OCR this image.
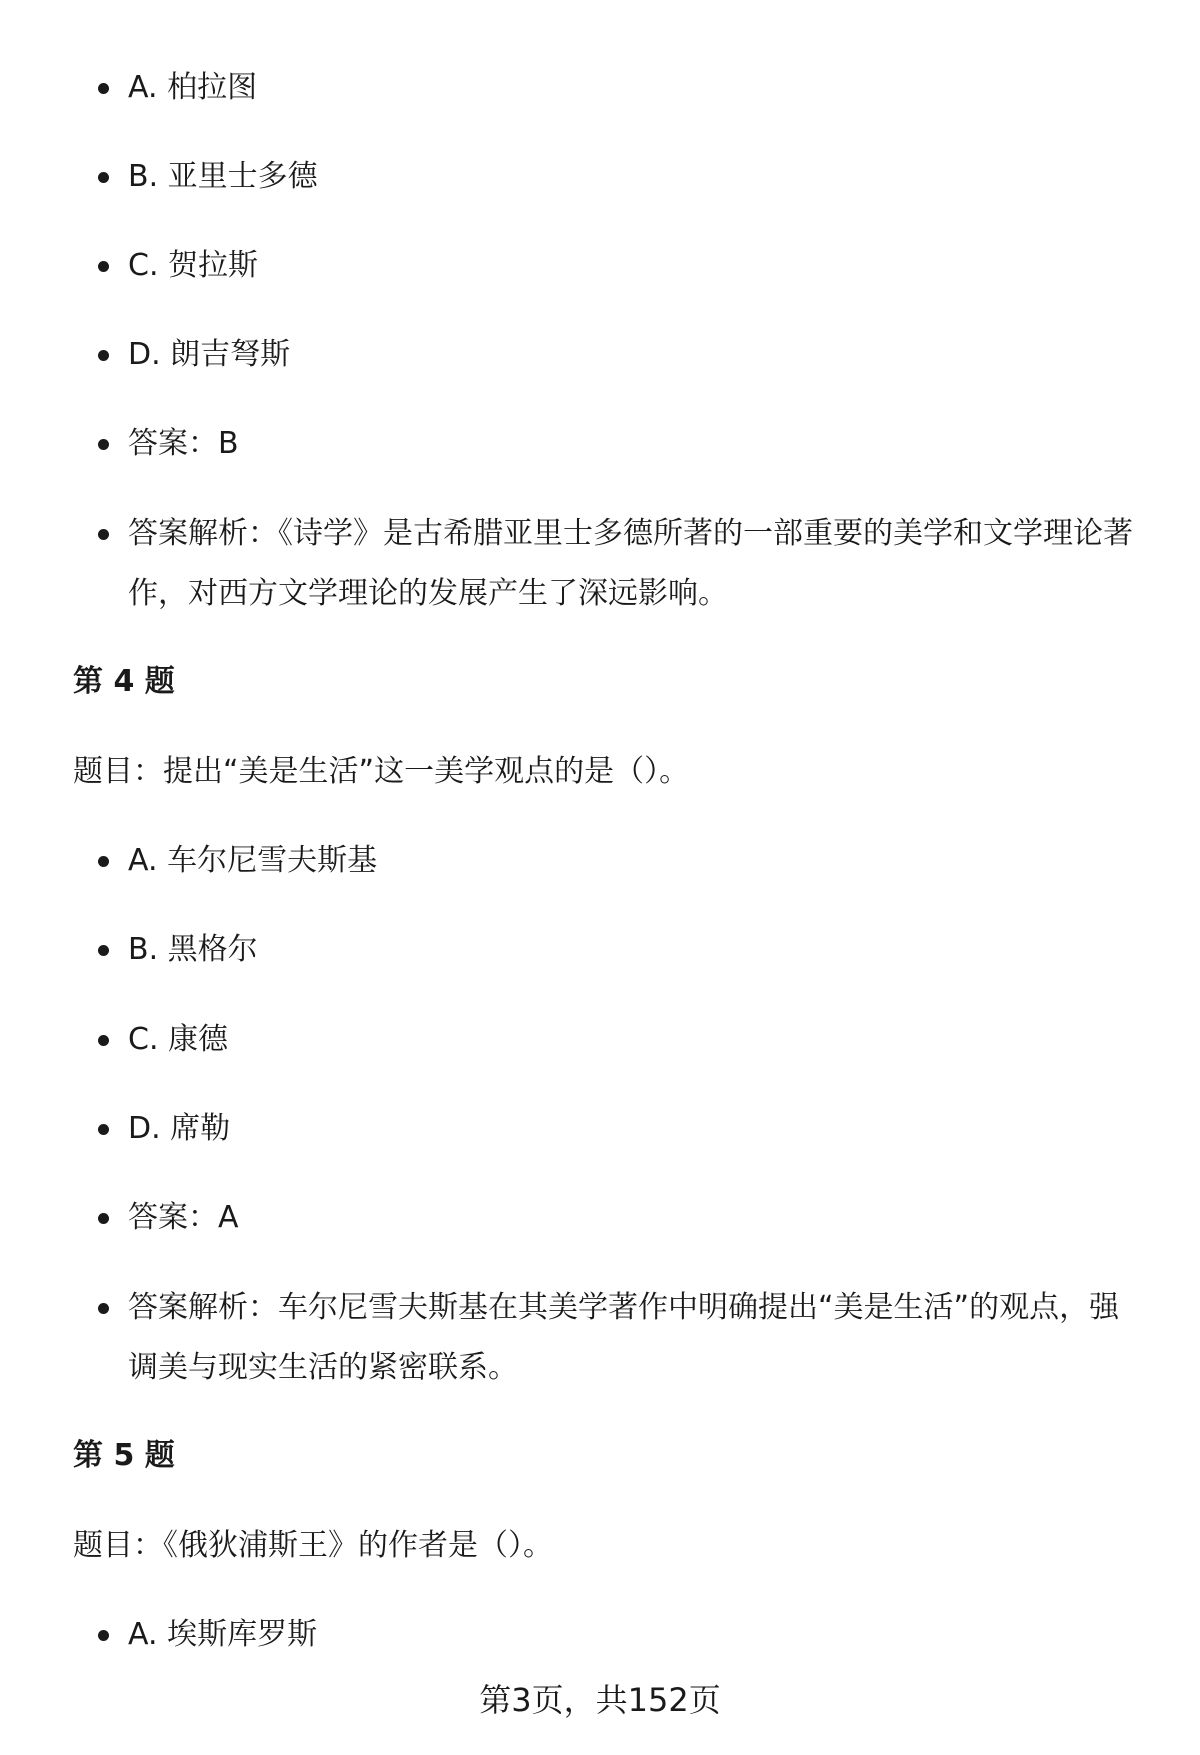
A. 柏拉图
B. 亚里士多德
C. 贺拉斯
D. 朗吉弩斯
答案：B
答案解析：《诗学》是古希腊亚里士多德所著的一部重要的美学和文学理论著作，对西方文学理论的发展产生了深远影响。
第 4 题
题目：提出“美是生活”这一美学观点的是（）。
A. 车尔尼雪夫斯基
B. 黑格尔
C. 康德
D. 席勒
答案：A
答案解析：车尔尼雪夫斯基在其美学著作中明确提出“美是生活”的观点，强调美与现实生活的紧密联系。
第 5 题
题目：《俄狄浦斯王》的作者是（）。
A. 埃斯库罗斯
第3页，共152页
